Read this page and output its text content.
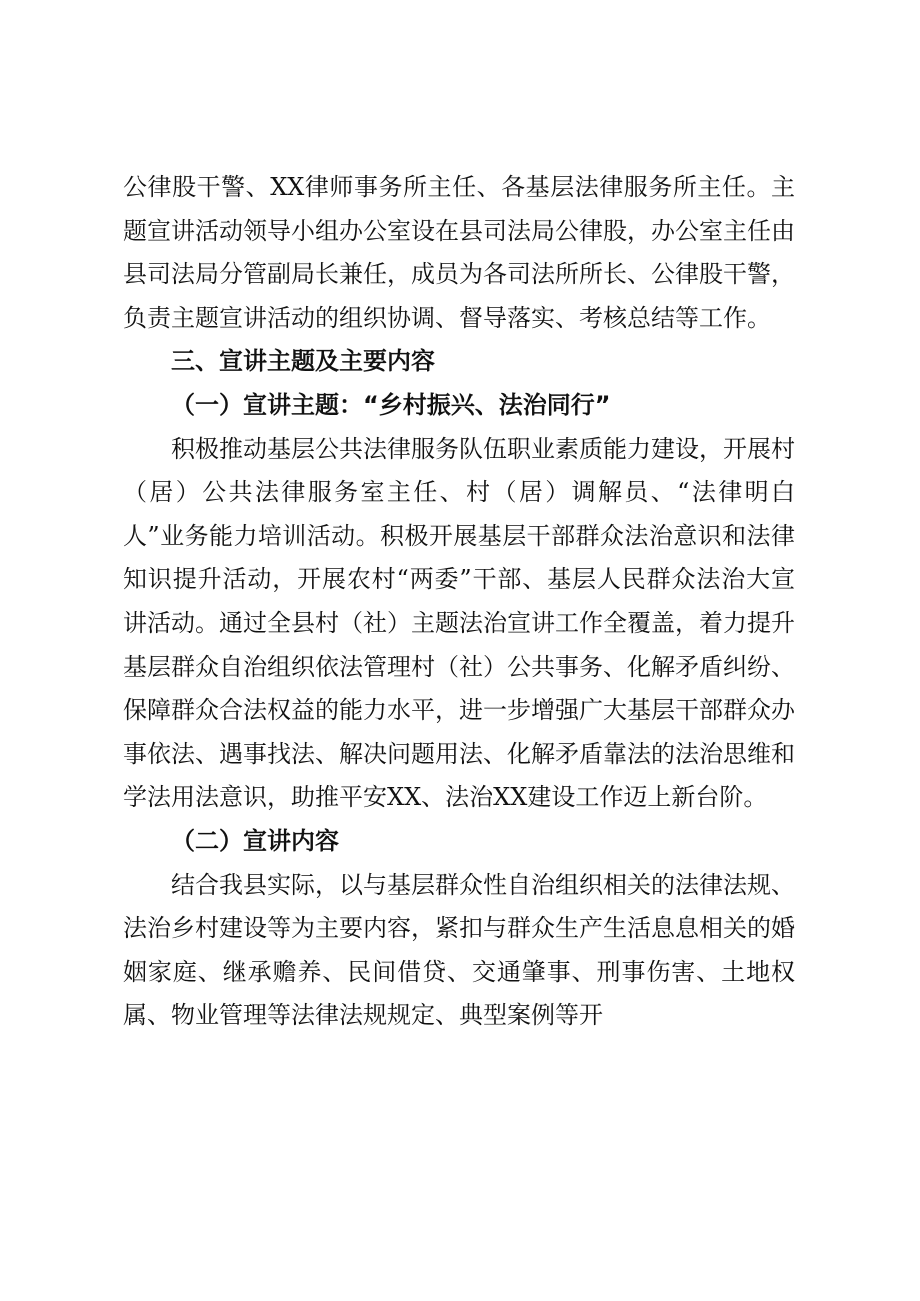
公律股干警、XX律师事务所主任、各基层法律服务所主任。主题宣讲活动领导小组办公室设在县司法局公律股，办公室主任由县司法局分管副局长兼任，成员为各司法所所长、公律股干警，负责主题宣讲活动的组织协调、督导落实、考核总结等工作。

三、宣讲主题及主要内容

（一）宣讲主题：“乡村振兴、法治同行”

积极推动基层公共法律服务队伍职业素质能力建设，开展村（居）公共法律服务室主任、村（居）调解员、“法律明白人”业务能力培训活动。积极开展基层干部群众法治意识和法律知识提升活动，开展农村“两委”干部、基层人民群众法治大宣讲活动。通过全县村（社）主题法治宣讲工作全覆盖，着力提升基层群众自治组织依法管理村（社）公共事务、化解矛盾纠纷、保障群众合法权益的能力水平，进一步增强广大基层干部群众办事依法、遇事找法、解决问题用法、化解矛盾靠法的法治思维和学法用法意识，助推平安XX、法治XX建设工作迈上新台阶。

（二）宣讲内容

结合我县实际，以与基层群众性自治组织相关的法律法规、法治乡村建设等为主要内容，紧扣与群众生产生活息息相关的婚姻家庭、继承赡养、民间借贷、交通肇事、刑事伤害、土地权属、物业管理等法律法规规定、典型案例等开
